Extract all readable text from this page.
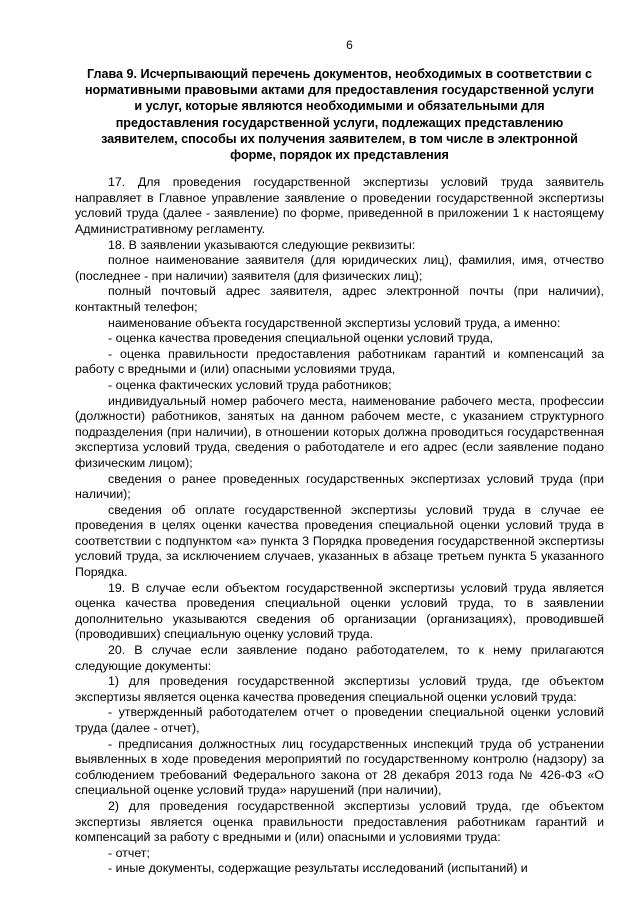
6
Глава 9. Исчерпывающий перечень документов, необходимых в соответствии с
нормативными правовыми актами для предоставления государственной услуги
и услуг, которые являются необходимыми и обязательными для
предоставления государственной услуги, подлежащих представлению
заявителем, способы их получения заявителем, в том числе в электронной
форме, порядок их представления

17. Для проведения государственной экспертизы условий труда заявитель направляет в Главное управление заявление о проведении государственной экспертизы условий труда (далее - заявление) по форме, приведенной в приложении 1 к настоящему Административному регламенту.

18. В заявлении указываются следующие реквизиты:

полное наименование заявителя (для юридических лиц), фамилия, имя, отчество (последнее - при наличии) заявителя (для физических лиц);

полный почтовый адрес заявителя, адрес электронной почты (при наличии), контактный телефон;

наименование объекта государственной экспертизы условий труда, а именно:

- оценка качества проведения специальной оценки условий труда,

- оценка правильности предоставления работникам гарантий и компенсаций за работу с вредными и (или) опасными условиями труда,

- оценка фактических условий труда работников;

индивидуальный номер рабочего места, наименование рабочего места, профессии (должности) работников, занятых на данном рабочем месте, с указанием структурного подразделения (при наличии), в отношении которых должна проводиться государственная экспертиза условий труда, сведения о работодателе и его адрес (если заявление подано физическим лицом);

сведения о ранее проведенных государственных экспертизах условий труда (при наличии);

сведения об оплате государственной экспертизы условий труда в случае ее проведения в целях оценки качества проведения специальной оценки условий труда в соответствии с подпунктом «а» пункта 3 Порядка проведения государственной экспертизы условий труда, за исключением случаев, указанных в абзаце третьем пункта 5 указанного Порядка.

19. В случае если объектом государственной экспертизы условий труда является оценка качества проведения специальной оценки условий труда, то в заявлении дополнительно указываются сведения об организации (организациях), проводившей (проводивших) специальную оценку условий труда.

20. В случае если заявление подано работодателем, то к нему прилагаются следующие документы:

1) для проведения государственной экспертизы условий труда, где объектом экспертизы является оценка качества проведения специальной оценки условий труда:

- утвержденный работодателем отчет о проведении специальной оценки условий труда (далее - отчет),

- предписания должностных лиц государственных инспекций труда об устранении выявленных в ходе проведения мероприятий по государственному контролю (надзору) за соблюдением требований Федерального закона от 28 декабря 2013 года № 426-ФЗ «О специальной оценке условий труда» нарушений (при наличии),

2) для проведения государственной экспертизы условий труда, где объектом экспертизы является оценка правильности предоставления работникам гарантий и компенсаций за работу с вредными и (или) опасными и условиями труда:

- отчет;

- иные документы, содержащие результаты исследований (испытаний) и
